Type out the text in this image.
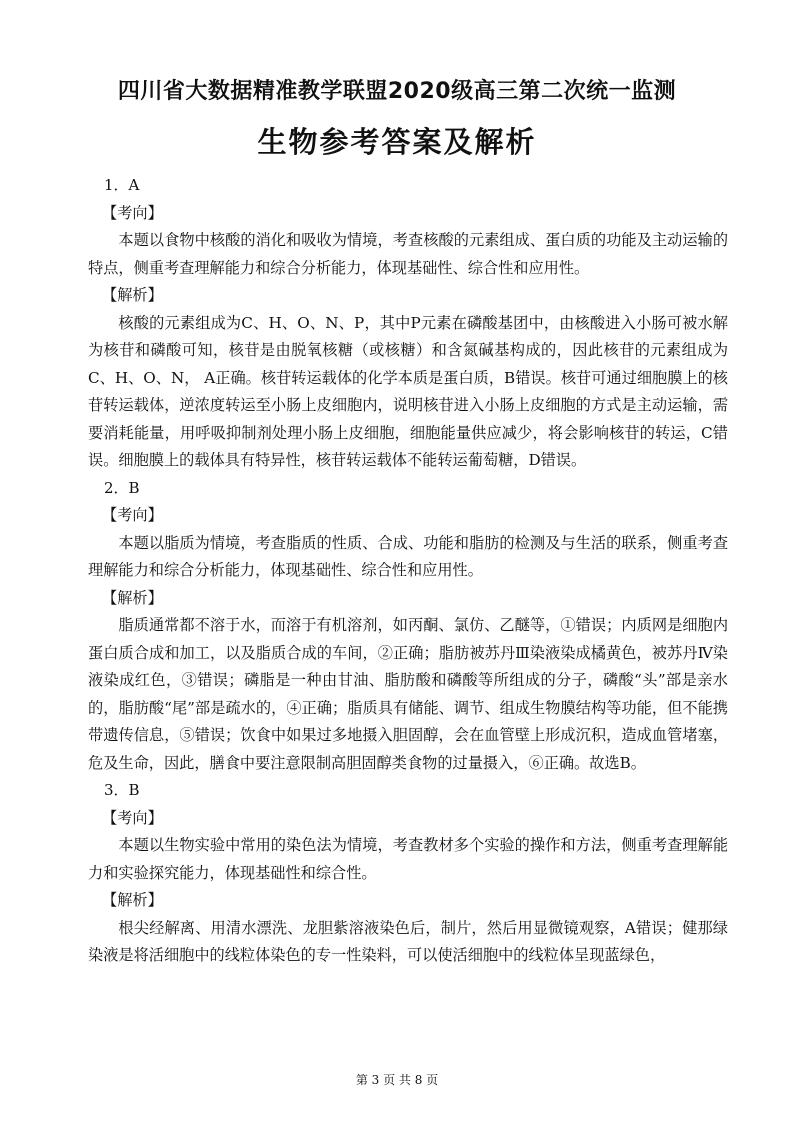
四川省大数据精准教学联盟2020级高三第二次统一监测
生物参考答案及解析
1．A
【考向】
本题以食物中核酸的消化和吸收为情境，考查核酸的元素组成、蛋白质的功能及主动运输的特点，侧重考查理解能力和综合分析能力，体现基础性、综合性和应用性。
【解析】
核酸的元素组成为C、H、O、N、P，其中P元素在磷酸基团中，由核酸进入小肠可被水解为核苷和磷酸可知，核苷是由脱氧核糖（或核糖）和含氮碱基构成的，因此核苷的元素组成为C、H、O、N， A正确。核苷转运载体的化学本质是蛋白质，B错误。核苷可通过细胞膜上的核苷转运载体，逆浓度转运至小肠上皮细胞内，说明核苷进入小肠上皮细胞的方式是主动运输，需要消耗能量，用呼吸抑制剂处理小肠上皮细胞，细胞能量供应减少，将会影响核苷的转运，C错误。细胞膜上的载体具有特异性，核苷转运载体不能转运葡萄糖，D错误。
2．B
【考向】
本题以脂质为情境，考查脂质的性质、合成、功能和脂肪的检测及与生活的联系，侧重考查理解能力和综合分析能力，体现基础性、综合性和应用性。
【解析】
脂质通常都不溶于水，而溶于有机溶剂，如丙酮、氯仿、乙醚等，①错误；内质网是细胞内蛋白质合成和加工，以及脂质合成的车间，②正确；脂肪被苏丹Ⅲ染液染成橘黄色，被苏丹Ⅳ染液染成红色，③错误；磷脂是一种由甘油、脂肪酸和磷酸等所组成的分子，磷酸“头”部是亲水的，脂肪酸“尾”部是疏水的，④正确；脂质具有储能、调节、组成生物膜结构等功能，但不能携带遗传信息，⑤错误；饮食中如果过多地摄入胆固醇，会在血管壁上形成沉积，造成血管堵塞，危及生命，因此，膳食中要注意限制高胆固醇类食物的过量摄入，⑥正确。故选B。
3．B
【考向】
本题以生物实验中常用的染色法为情境，考查教材多个实验的操作和方法，侧重考查理解能力和实验探究能力，体现基础性和综合性。
【解析】
根尖经解离、用清水漂洗、龙胆紫溶液染色后，制片，然后用显微镜观察，A错误；健那绿染液是将活细胞中的线粒体染色的专一性染料，可以使活细胞中的线粒体呈现蓝绿色，
第 3 页 共 8 页
